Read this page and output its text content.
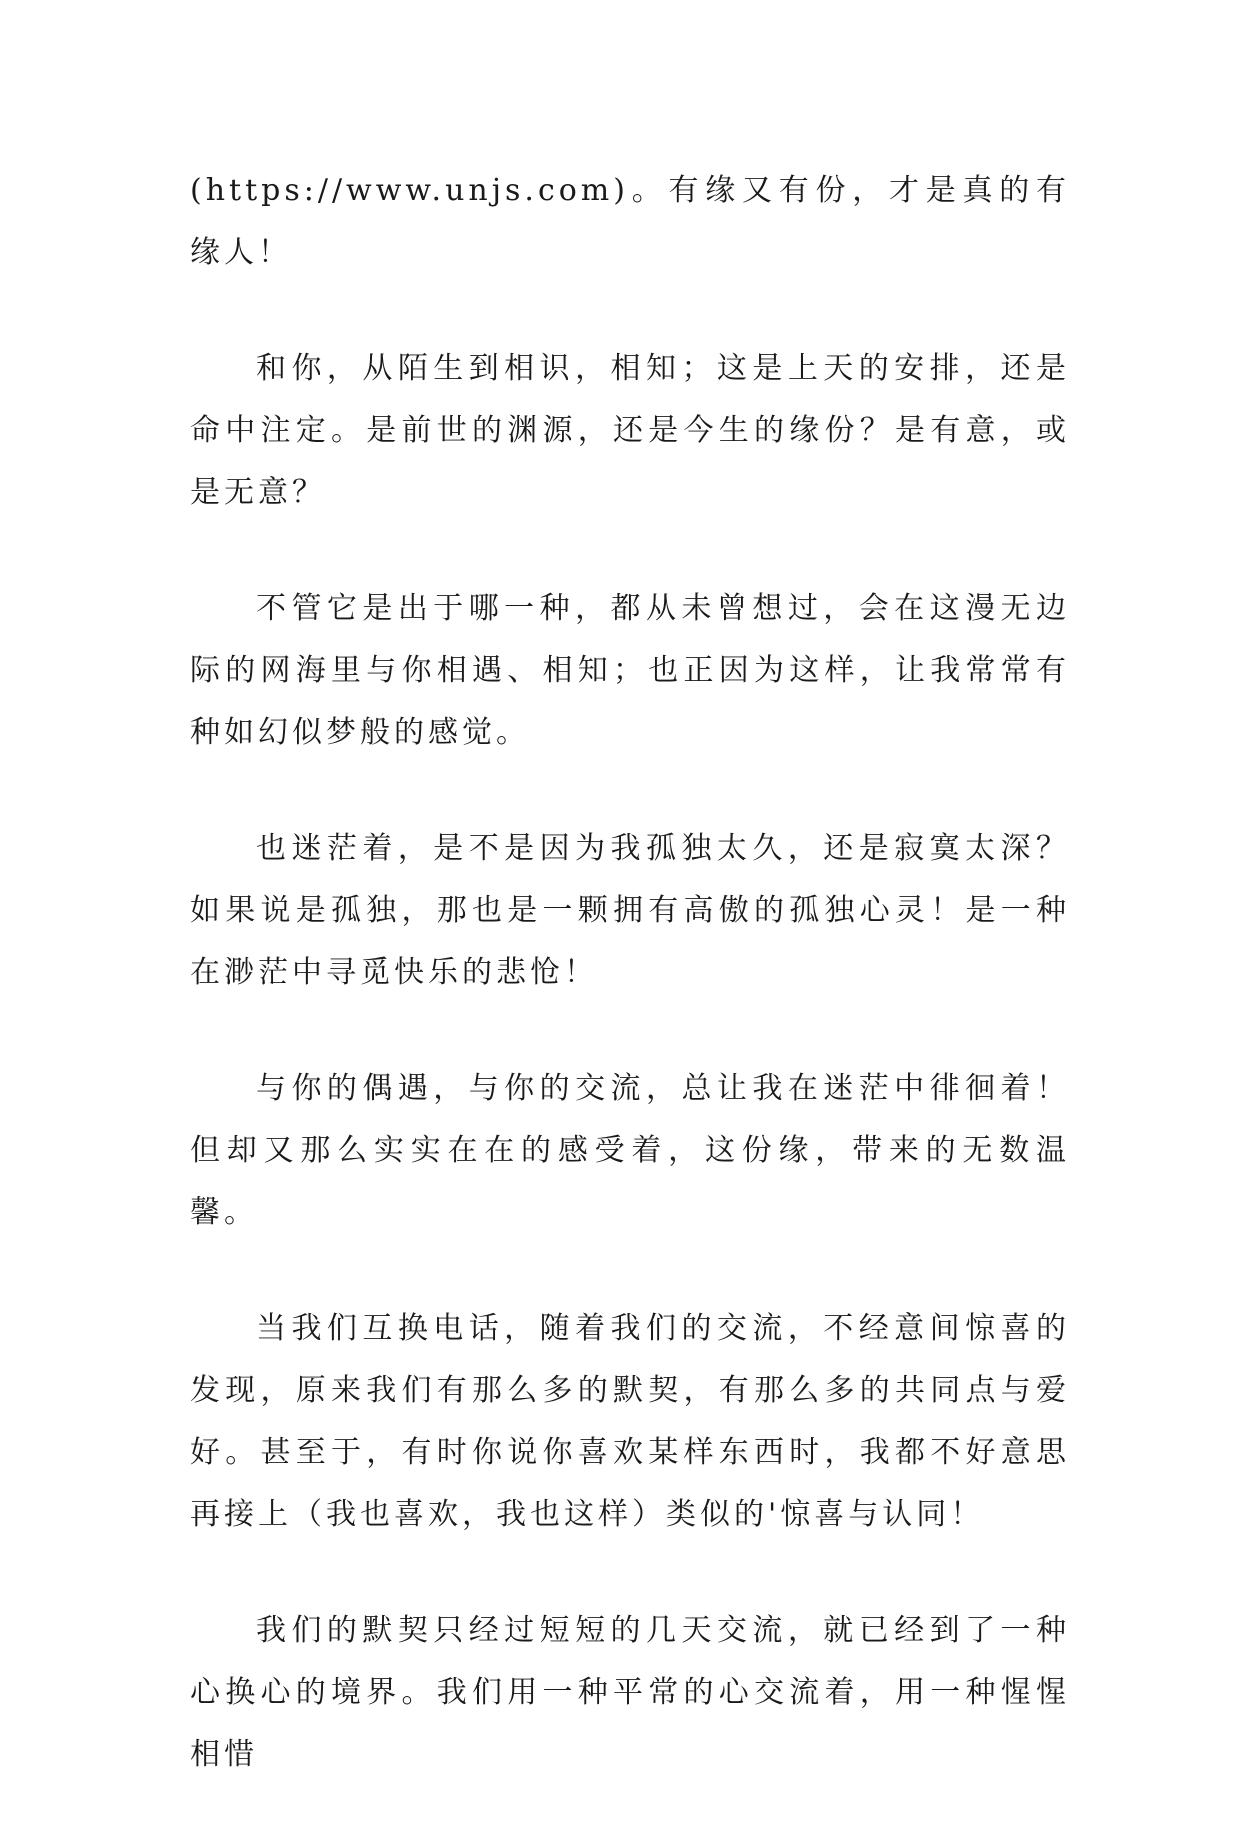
(https://www.unjs.com)。有缘又有份，才是真的有缘人！

和你，从陌生到相识，相知；这是上天的安排，还是命中注定。是前世的渊源，还是今生的缘份？是有意，或是无意？

不管它是出于哪一种，都从未曾想过，会在这漫无边际的网海里与你相遇、相知；也正因为这样，让我常常有种如幻似梦般的感觉。

也迷茫着，是不是因为我孤独太久，还是寂寞太深？如果说是孤独，那也是一颗拥有高傲的孤独心灵！是一种在渺茫中寻觅快乐的悲怆！

与你的偶遇，与你的交流，总让我在迷茫中徘徊着！但却又那么实实在在的感受着，这份缘，带来的无数温馨。

当我们互换电话，随着我们的交流，不经意间惊喜的发现，原来我们有那么多的默契，有那么多的共同点与爱好。甚至于，有时你说你喜欢某样东西时，我都不好意思再接上（我也喜欢，我也这样）类似的'惊喜与认同！

我们的默契只经过短短的几天交流，就已经到了一种心换心的境界。我们用一种平常的心交流着，用一种惺惺相惜
